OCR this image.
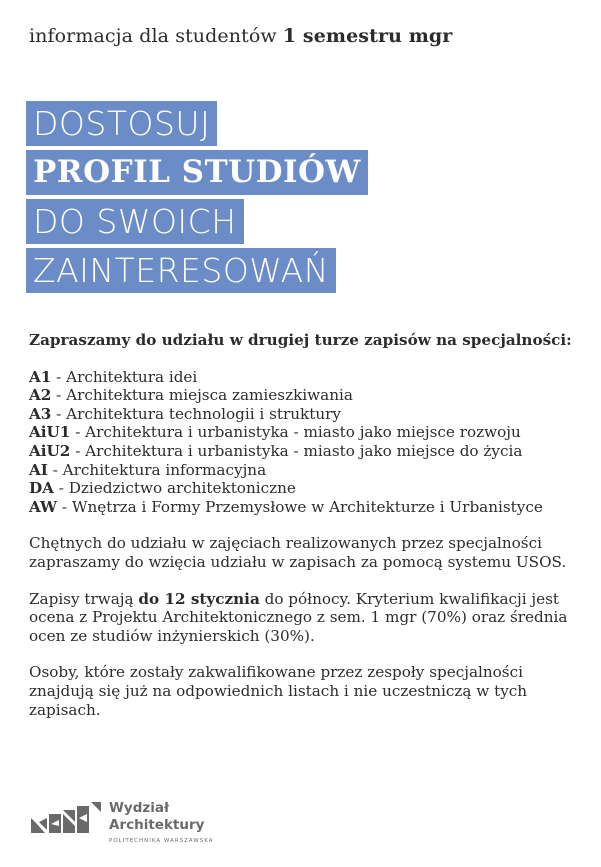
informacja dla studentów 1 semestru mgr
DOSTOSUJ
PROFIL STUDIÓW
DO SWOICH
ZAINTERESOWAŃ
Zapraszamy do udziału w drugiej turze zapisów na specjalności:
A1 - Architektura idei
A2 - Architektura miejsca zamieszkiwania
A3 - Architektura technologii i struktury
AiU1 - Architektura i urbanistyka - miasto jako miejsce rozwoju
AiU2 - Architektura i urbanistyka - miasto jako miejsce do życia
AI - Architektura informacyjna
DA - Dziedzictwo architektoniczne
AW - Wnętrza i Formy Przemysłowe w Architekturze i Urbanistyce

Chętnych do udziału w zajęciach realizowanych przez specjalności zapraszamy do wzięcia udziału w zapisach za pomocą systemu USOS.

Zapisy trwają do 12 stycznia do północy. Kryterium kwalifikacji jest ocena z Projektu Architektonicznego z sem. 1 mgr (70%) oraz średnia ocen ze studiów inżynierskich (30%).

Osoby, które zostały zakwalifikowane przez zespoły specjalności znajdują się już na odpowiednich listach i nie uczestniczą w tych zapisach.

Wydział
Architektury
POLITECHNIKA WARSZAWSKA
